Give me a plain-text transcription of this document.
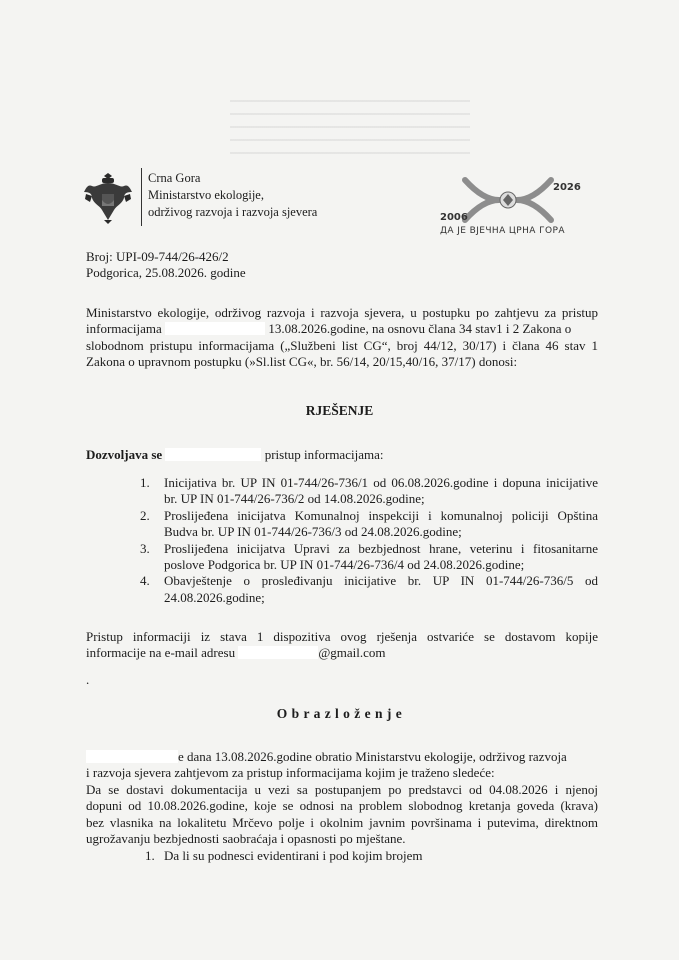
Crna Gora
Ministarstvo ekologije,
održivog razvoja i razvoja sjevera
2026
2006
ДА ЈЕ ВЈЕЧНА ЦРНА ГОРА
Broj: UPI-09-744/26-426/2
Podgorica, 25.08.2026. godine
Ministarstvo ekologije, održivog razvoja i razvoja sjevera, u postupku po zahtjevu za pristup
informacijama	13.08.2026.godine, na osnovu člana 34 stav1 i 2 Zakona o
slobodnom pristupu informacijama („Službeni list CG“, broj 44/12, 30/17) i člana 46 stav 1
Zakona o upravnom postupku (»Sl.list CG«, br. 56/14, 20/15,40/16, 37/17) donosi:
RJEŠENJE
Dozvoljava se	pristup informacijama:
1. Inicijativa br. UP IN 01-744/26-736/1 od 06.08.2026.godine i dopuna inicijative
br. UP IN 01-744/26-736/2 od 14.08.2026.godine;
2. Proslijeđena inicijatva Komunalnoj inspekciji i komunalnoj policiji Opština
Budva br. UP IN 01-744/26-736/3 od 24.08.2026.godine;
3. Proslijeđena inicijatva Upravi za bezbjednost hrane, veterinu i fitosanitarne
poslove Podgorica br. UP IN 01-744/26-736/4 od 24.08.2026.godine;
4. Obavještenje o prosleđivanju inicijative br. UP IN 01-744/26-736/5 od
24.08.2026.godine;
Pristup informaciji iz stava 1 dispozitiva ovog rješenja ostvariće se dostavom kopije
informacije na e-mail adresu	@gmail.com
.
O b r a z l o ž e n j e
e dana 13.08.2026.godine obratio Ministarstvu ekologije, održivog razvoja
i razvoja sjevera zahtjevom za pristup informacijama kojim je traženo sledeće:
Da se dostavi dokumentacija u vezi sa postupanjem po predstavci od 04.08.2026 i njenoj
dopuni od 10.08.2026.godine, koje se odnosi na problem slobodnog kretanja goveda (krava)
bez vlasnika na lokalitetu Mrčevo polje i okolnim javnim površinama i putevima, direktnom
ugrožavanju bezbjednosti saobraćaja i opasnosti po mještane.
1. Da li su podnesci evidentirani i pod kojim brojem
